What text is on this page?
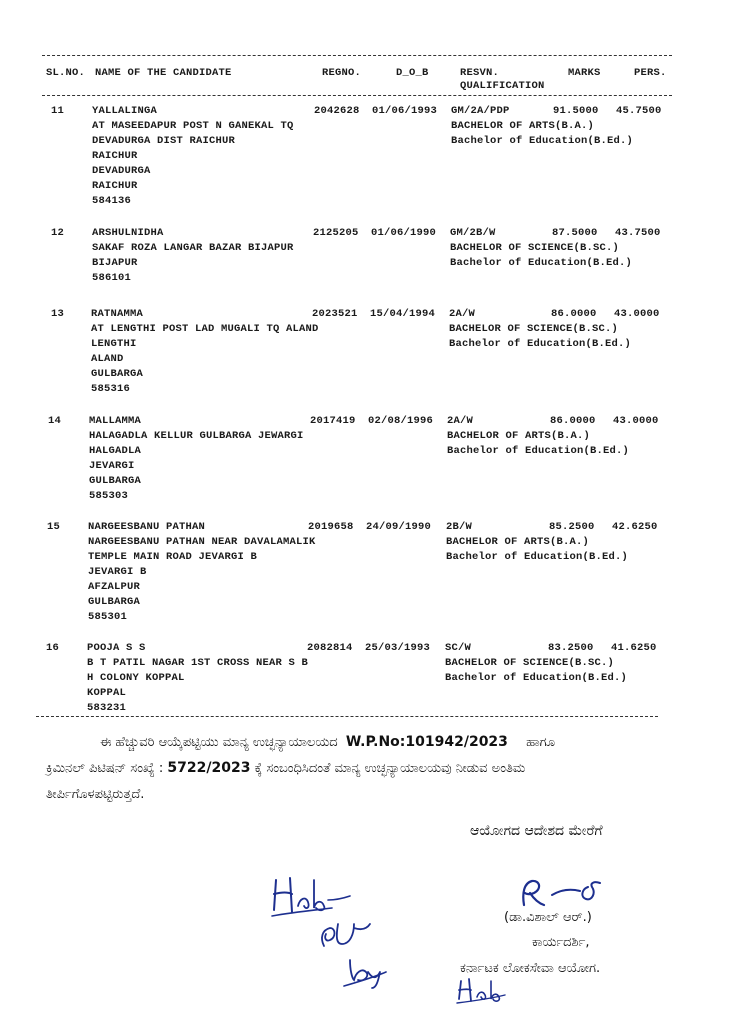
SL.NO. NAME OF THE CANDIDATE	REGNO.	D_O_B	RESVN.
QUALIFICATION
MARKS	PERS.
11	YALLALINGA	2042628 01/06/1993 GM/2A/PDP	91.5000 45.7500
BACHELOR OF ARTS(B.A.)
Bachelor of Education(B.Ed.)
AT MASEEDAPUR POST N GANEKAL TQ
DEVADURGA DIST RAICHUR
RAICHUR
DEVADURGA
RAICHUR
584136
12	ARSHULNIDHA	2125205 01/06/1990 GM/2B/W	87.5000 43.7500
BACHELOR OF SCIENCE(B.SC.)
Bachelor of Education(B.Ed.)
SAKAF ROZA LANGAR BAZAR BIJAPUR
BIJAPUR
586101
13	RATNAMMA	2023521 15/04/1994 2A/W	86.0000 43.0000
BACHELOR OF SCIENCE(B.SC.)
Bachelor of Education(B.Ed.)
AT LENGTHI POST LAD MUGALI TQ ALAND
LENGTHI
ALAND
GULBARGA
585316
14	MALLAMMA	2017419 02/08/1996 2A/W	86.0000 43.0000
BACHELOR OF ARTS(B.A.)
Bachelor of Education(B.Ed.)
HALAGADLA KELLUR GULBARGA JEWARGI
HALGADLA
JEVARGI
GULBARGA
585303
15	NARGEESBANU PATHAN	2019658 24/09/1990 2B/W	85.2500 42.6250
BACHELOR OF ARTS(B.A.)
Bachelor of Education(B.Ed.)
NARGEESBANU PATHAN NEAR DAVALAMALIK
TEMPLE MAIN ROAD JEVARGI B
JEVARGI B
AFZALPUR
GULBARGA
585301
16	POOJA S S	2082814 25/03/1993 SC/W	83.2500 41.6250
BACHELOR OF SCIENCE(B.SC.)
Bachelor of Education(B.Ed.)
B T PATIL NAGAR 1ST CROSS NEAR S B
H COLONY KOPPAL
KOPPAL
583231
ಈ ಹೆಚ್ಚುವರಿ ಆಯ್ಕೆಪಟ್ಟಿಯು ಮಾನ್ಯ ಉಚ್ಛನ್ಯಾಯಾಲಯದ W.P.No:101942/2023 ಹಾಗೂ
ಕ್ರಿಮಿನಲ್ ಪಿಟಿಷನ್ ಸಂಖ್ಯೆ : 5722/2023 ಕ್ಕೆ ಸಂಬಂಧಿಸಿದಂತೆ ಮಾನ್ಯ ಉಚ್ಛನ್ಯಾಯಾಲಯವು ನೀಡುವ ಅಂತಿಮ
ತೀರ್ಪಿಗೊಳಪಟ್ಟಿರುತ್ತದೆ.
ಆಯೋಗದ ಆದೇಶದ ಮೇರೆಗೆ
(ಡಾ.ವಿಶಾಲ್ ಆರ್.)
ಕಾರ್ಯದರ್ಶಿ,
ಕರ್ನಾಟಕ ಲೋಕಸೇವಾ ಆಯೋಗ.
